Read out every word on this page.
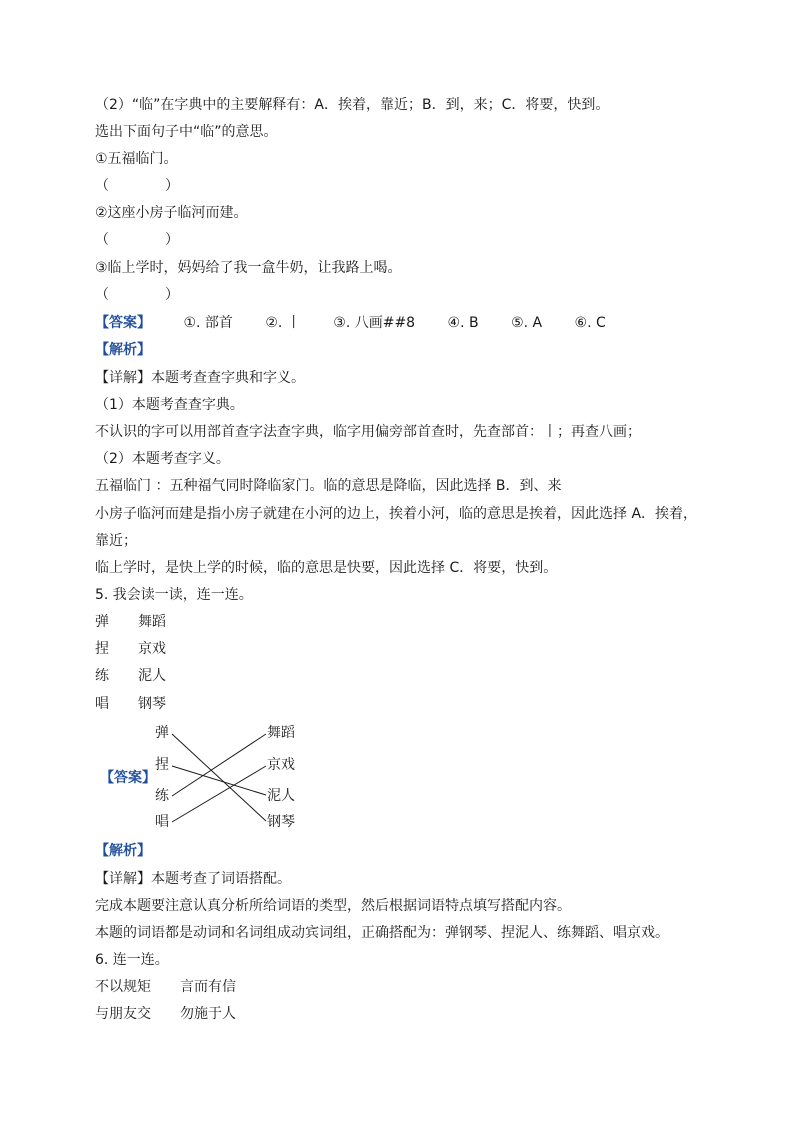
（2）“临”在字典中的主要解释有：A．挨着，靠近；B．到，来；C．将要，快到。
选出下面句子中“临”的意思。
①五福临门。
（　　　　）
②这座小房子临河而建。
（　　　　）
③临上学时，妈妈给了我一盒牛奶，让我路上喝。
（　　　　）
【答案】 ①. 部首 ②. 丨 ③. 八画##8 ④. B ⑤. A ⑥. C
【解析】
【详解】本题考查查字典和字义。
（1）本题考查查字典。
不认识的字可以用部首查字法查字典，临字用偏旁部首查时，先查部首：丨；再查八画；
（2）本题考查字义。
五福临门 ：五种福气同时降临家门。临的意思是降临，因此选择 B．到、来
小房子临河而建是指小房子就建在小河的边上，挨着小河，临的意思是挨着，因此选择 A．挨着，
靠近；
临上学时，是快上学的时候，临的意思是快要，因此选择 C．将要，快到。
5. 我会读一读，连一连。
弹 舞蹈
捏 京戏
练 泥人
唱 钢琴
【答案】
弹
捏
练
唱
舞蹈
京戏
泥人
钢琴
【解析】
【详解】本题考查了词语搭配。
完成本题要注意认真分析所给词语的类型，然后根据词语特点填写搭配内容。
本题的词语都是动词和名词组成动宾词组，正确搭配为：弹钢琴、捏泥人、练舞蹈、唱京戏。
6. 连一连。
不以规矩 言而有信
与朋友交 勿施于人
